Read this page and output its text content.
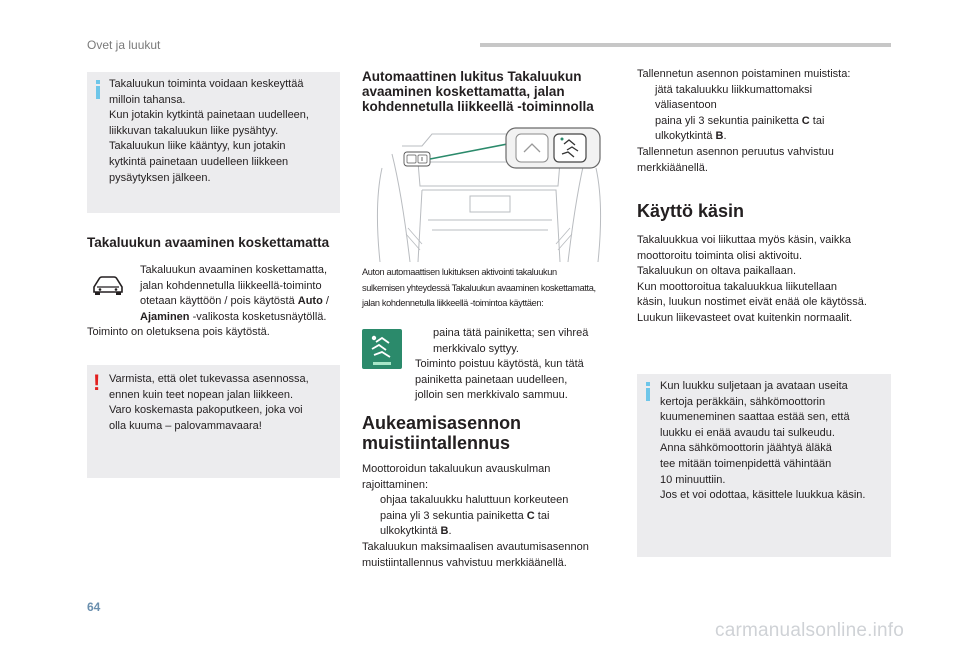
Ovet ja luukut
Takaluukun toiminta voidaan keskeyttää
milloin tahansa.
Kun jotakin kytkintä painetaan uudelleen,
liikkuvan takaluukun liike pysähtyy.
Takaluukun liike kääntyy, kun jotakin
kytkintä painetaan uudelleen liikkeen
pysäytyksen jälkeen.
Takaluukun avaaminen koskettamatta
Takaluukun avaaminen koskettamatta,
jalan kohdennetulla liikkeellä-toiminto
otetaan käyttöön / pois käytöstä Auto /
Ajaminen -valikosta kosketusnäytöllä.
Toiminto on oletuksena pois käytöstä.
! Varmista, että olet tukevassa asennossa,
ennen kuin teet nopean jalan liikkeen.
Varo koskemasta pakoputkeen, joka voi
olla kuuma – palovammavaara!
Automaattinen lukitus Takaluukun
avaaminen koskettamatta, jalan
kohdennetulla liikkeellä -toiminnolla
Auton automaattisen lukituksen aktivointi takaluukun
sulkemisen yhteydessä Takaluukun avaaminen koskettamatta,
jalan kohdennetulla liikkeellä -toimintoa käyttäen:
paina tätä painiketta; sen vihreä
merkkivalo syttyy.
Toiminto poistuu käytöstä, kun tätä
painiketta painetaan uudelleen,
jolloin sen merkkivalo sammuu.
Aukeamisasennon
muistiintallennus
Moottoroidun takaluukun avauskulman
rajoittaminen:
ohjaa takaluukku haluttuun korkeuteen
paina yli 3 sekuntia painiketta C tai
ulkokytkintä B.
Takaluukun maksimaalisen avautumisasennon
muistiintallennus vahvistuu merkkiäänellä.
Tallennetun asennon poistaminen muistista:
jätä takaluukku liikkumattomaksi
väliasentoon
paina yli 3 sekuntia painiketta C tai
ulkokytkintä B.
Tallennetun asennon peruutus vahvistuu
merkkiäänellä.
Käyttö käsin
Takaluukkua voi liikuttaa myös käsin, vaikka
moottoroitu toiminta olisi aktivoitu.
Takaluukun on oltava paikallaan.
Kun moottoroitua takaluukkua liikutellaan
käsin, luukun nostimet eivät enää ole käytössä.
Luukun liikevasteet ovat kuitenkin normaalit.
Kun luukku suljetaan ja avataan useita
kertoja peräkkäin, sähkömoottorin
kuumeneminen saattaa estää sen, että
luukku ei enää avaudu tai sulkeudu.
Anna sähkömoottorin jäähtyä äläkä
tee mitään toimenpidettä vähintään
10 minuuttiin.
Jos et voi odottaa, käsittele luukkua käsin.
64
carmanualsonline.info
